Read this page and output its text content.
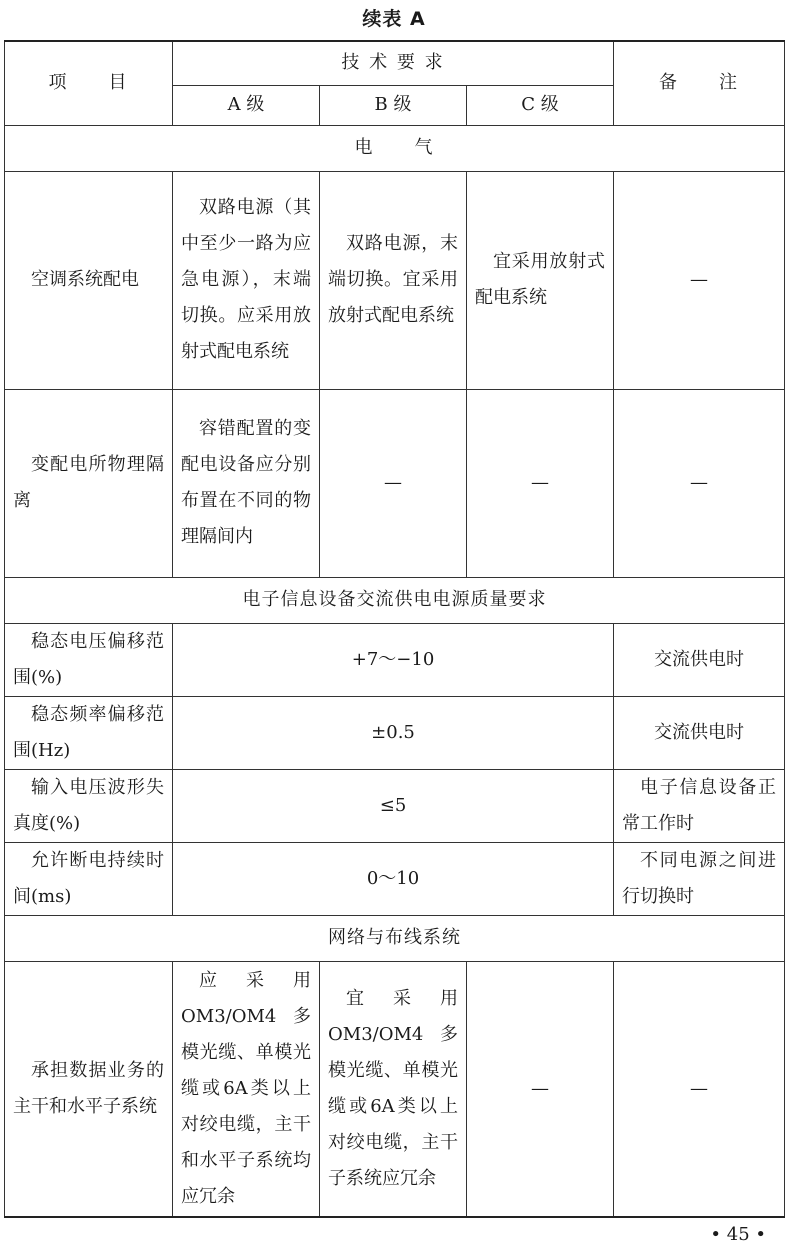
续表 A
项　　目	技 术 要 求			备　　注
	A 级	B 级	C 级	
电　　气				
空调系统配电	双路电源（其中至少一路为应急电源），末端切换。应采用放射式配电系统	双路电源，末端切换。宜采用放射式配电系统	宜采用放射式配电系统	—
变配电所物理隔离	容错配置的变配电设备应分别布置在不同的物理隔间内	—	—	—
电子信息设备交流供电电源质量要求				
稳态电压偏移范围(%)	+7～−10			交流供电时
稳态频率偏移范围(Hz)	±0.5			交流供电时
输入电压波形失真度(%)	≤5			电子信息设备正常工作时
允许断电持续时间(ms)	0～10			不同电源之间进行切换时
网络与布线系统				
承担数据业务的主干和水平子系统	应采用OM3/OM4多模光缆、单模光缆或6A类以上对绞电缆，主干和水平子系统均应冗余	宜采用OM3/OM4多模光缆、单模光缆或6A类以上对绞电缆，主干子系统应冗余	—	—
• 45 •
